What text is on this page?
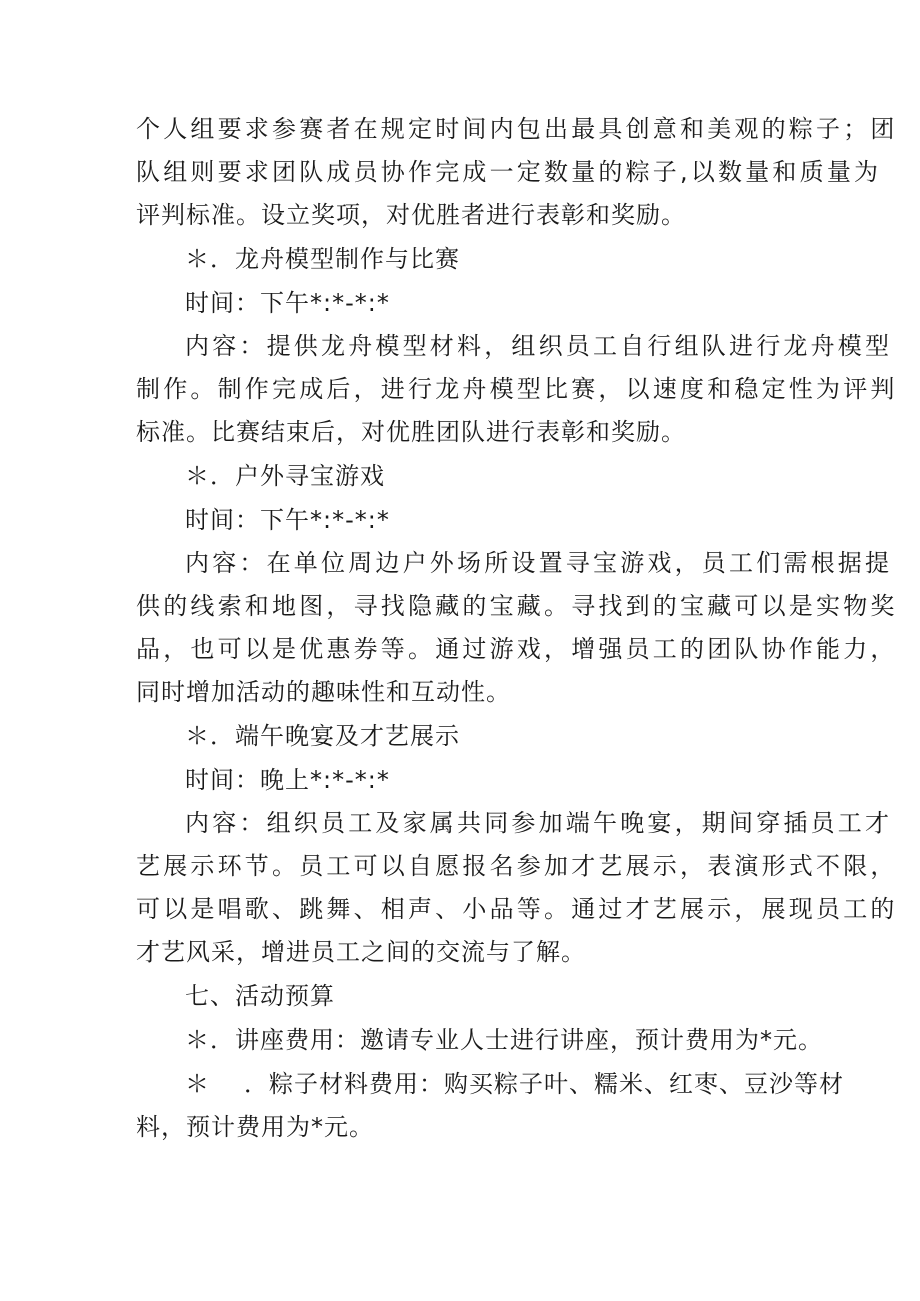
个人组要求参赛者在规定时间内包出最具创意和美观的粽子；团
队组则要求团队成员协作完成一定数量的粽子,以数量和质量为
评判标准。设立奖项，对优胜者进行表彰和奖励。
＊．龙舟模型制作与比赛
时间：下午*:*-*:*
内容：提供龙舟模型材料，组织员工自行组队进行龙舟模型
制作。制作完成后，进行龙舟模型比赛，以速度和稳定性为评判
标准。比赛结束后，对优胜团队进行表彰和奖励。
＊．户外寻宝游戏
时间：下午*:*-*:*
内容：在单位周边户外场所设置寻宝游戏，员工们需根据提
供的线索和地图，寻找隐藏的宝藏。寻找到的宝藏可以是实物奖
品，也可以是优惠券等。通过游戏，增强员工的团队协作能力，
同时增加活动的趣味性和互动性。
＊．端午晚宴及才艺展示
时间：晚上*:*-*:*
内容：组织员工及家属共同参加端午晚宴，期间穿插员工才
艺展示环节。员工可以自愿报名参加才艺展示，表演形式不限，
可以是唱歌、跳舞、相声、小品等。通过才艺展示，展现员工的
才艺风采，增进员工之间的交流与了解。
七、活动预算
＊．讲座费用：邀请专业人士进行讲座，预计费用为*元。
＊ ．粽子材料费用：购买粽子叶、糯米、红枣、豆沙等材
料，预计费用为*元。
